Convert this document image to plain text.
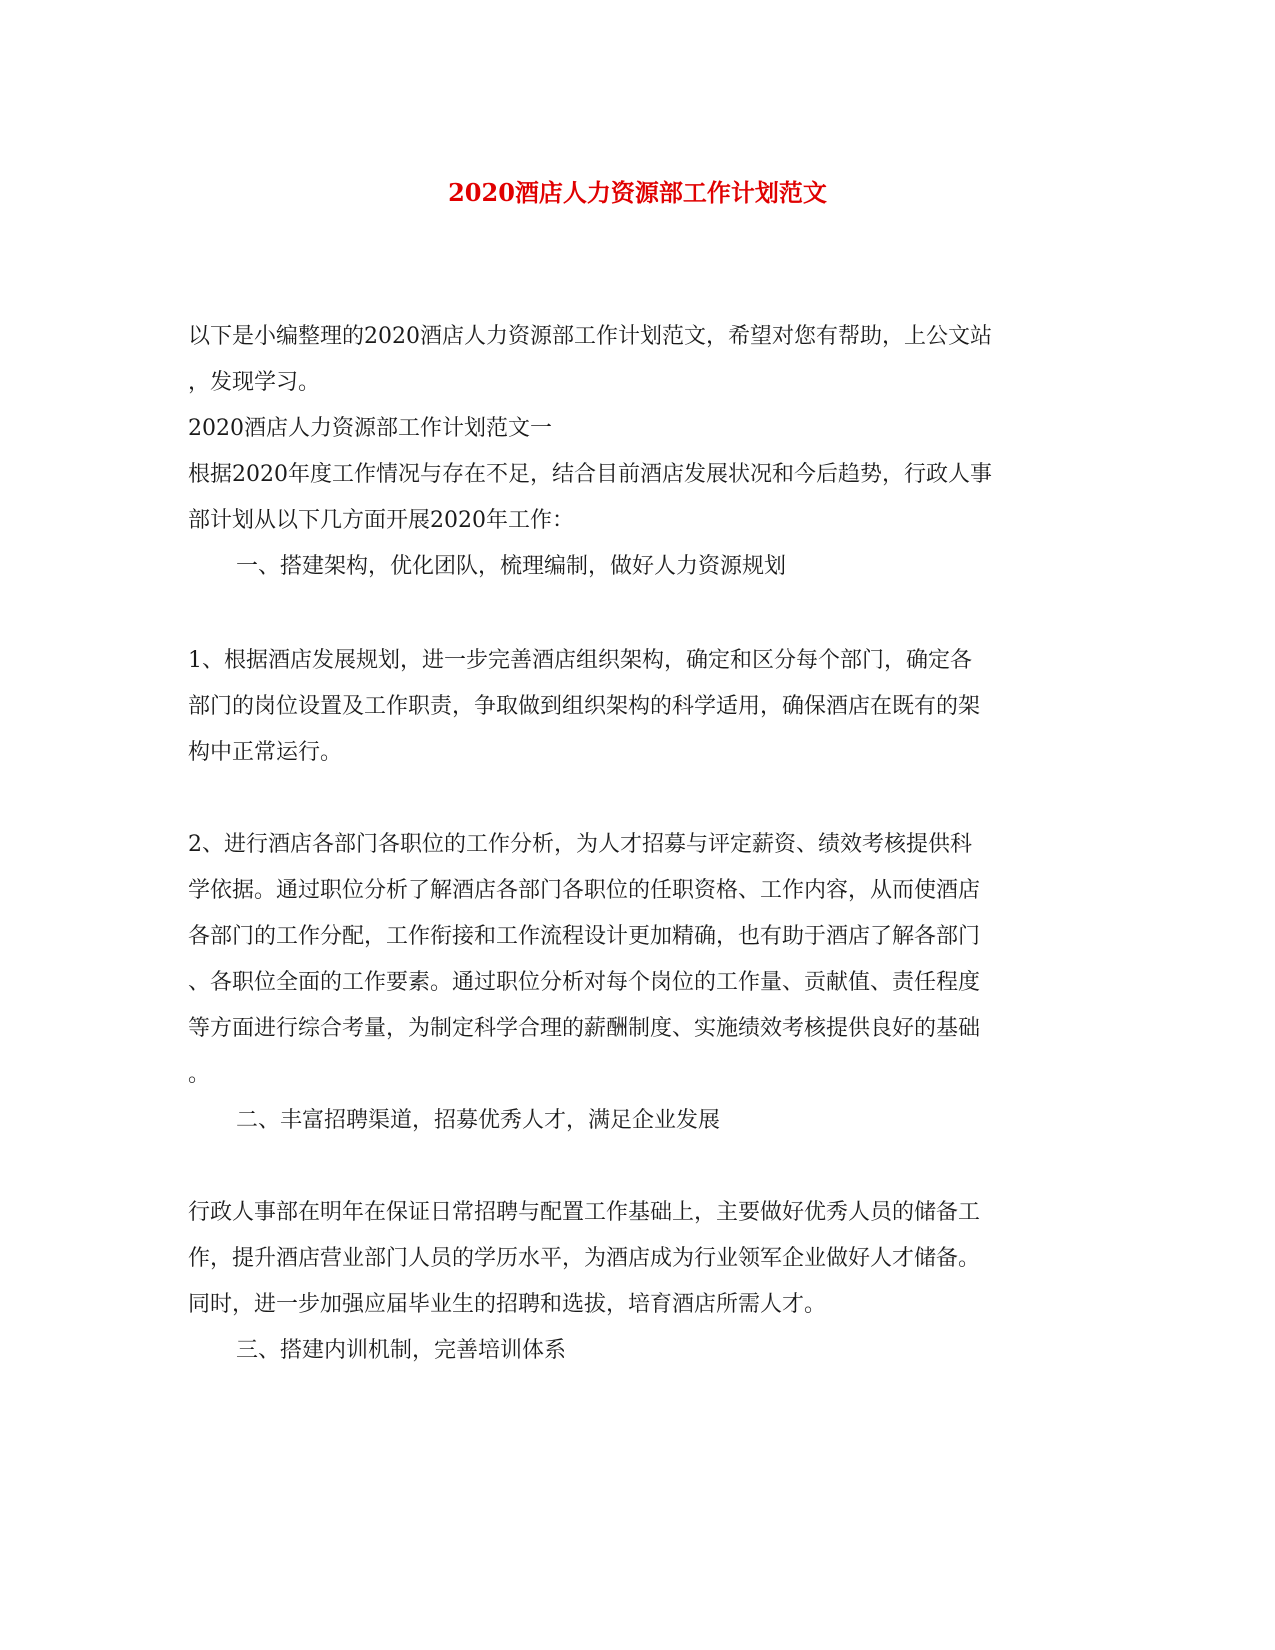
2020酒店人力资源部工作计划范文
以下是小编整理的2020酒店人力资源部工作计划范文，希望对您有帮助，上公文站
，发现学习。
2020酒店人力资源部工作计划范文一
根据2020年度工作情况与存在不足，结合目前酒店发展状况和今后趋势，行政人事
部计划从以下几方面开展2020年工作：
一、搭建架构，优化团队，梳理编制，做好人力资源规划
1、根据酒店发展规划，进一步完善酒店组织架构，确定和区分每个部门，确定各
部门的岗位设置及工作职责，争取做到组织架构的科学适用，确保酒店在既有的架
构中正常运行。
2、进行酒店各部门各职位的工作分析，为人才招募与评定薪资、绩效考核提供科
学依据。通过职位分析了解酒店各部门各职位的任职资格、工作内容，从而使酒店
各部门的工作分配，工作衔接和工作流程设计更加精确，也有助于酒店了解各部门
、各职位全面的工作要素。通过职位分析对每个岗位的工作量、贡献值、责任程度
等方面进行综合考量，为制定科学合理的薪酬制度、实施绩效考核提供良好的基础
。
二、丰富招聘渠道，招募优秀人才，满足企业发展
行政人事部在明年在保证日常招聘与配置工作基础上，主要做好优秀人员的储备工
作，提升酒店营业部门人员的学历水平，为酒店成为行业领军企业做好人才储备。
同时，进一步加强应届毕业生的招聘和选拔，培育酒店所需人才。
三、搭建内训机制，完善培训体系
